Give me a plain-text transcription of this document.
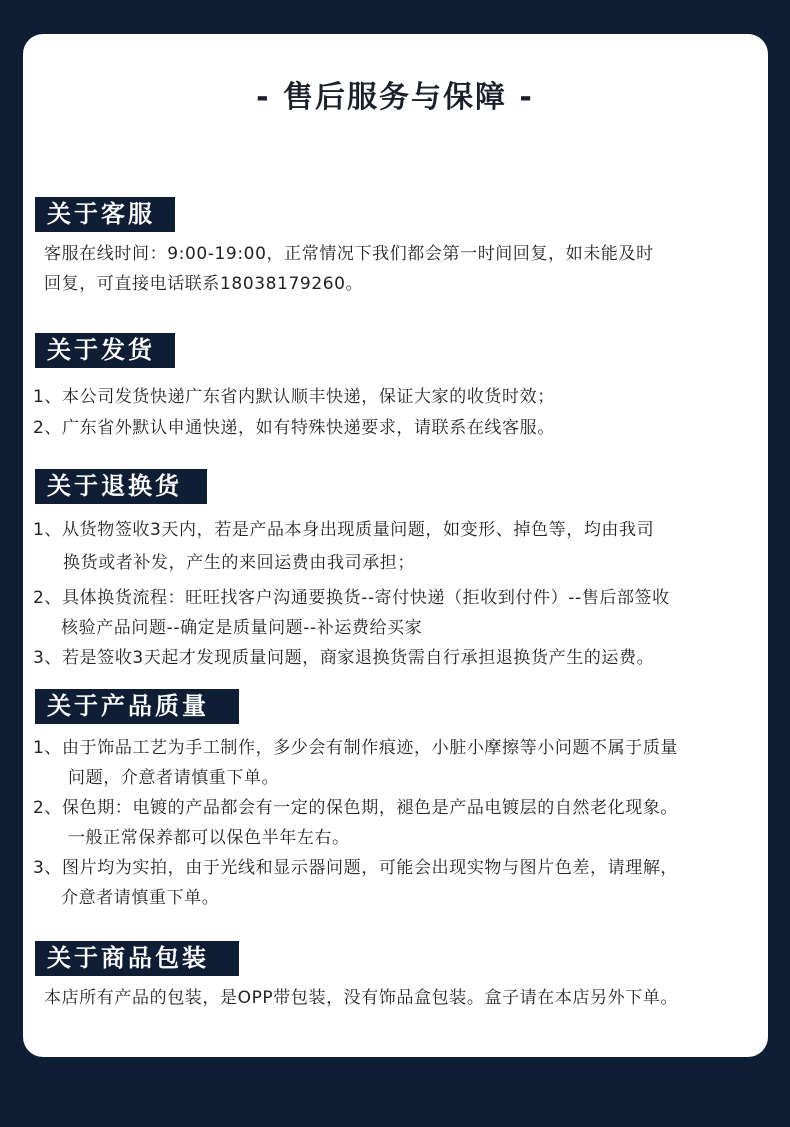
- 售后服务与保障 -
关于客服
客服在线时间：9:00-19:00，正常情况下我们都会第一时间回复，如未能及时
回复，可直接电话联系18038179260。
关于发货
1、本公司发货快递广东省内默认顺丰快递，保证大家的收货时效；
2、广东省外默认申通快递，如有特殊快递要求，请联系在线客服。
关于退换货
1、从货物签收3天内，若是产品本身出现质量问题，如变形、掉色等，均由我司
换货或者补发，产生的来回运费由我司承担；
2、具体换货流程：旺旺找客户沟通要换货--寄付快递（拒收到付件）--售后部签收
核验产品问题--确定是质量问题--补运费给买家
3、若是签收3天起才发现质量问题，商家退换货需自行承担退换货产生的运费。
关于产品质量
1、由于饰品工艺为手工制作，多少会有制作痕迹，小脏小摩擦等小问题不属于质量
问题，介意者请慎重下单。
2、保色期：电镀的产品都会有一定的保色期，褪色是产品电镀层的自然老化现象。
一般正常保养都可以保色半年左右。
3、图片均为实拍，由于光线和显示器问题，可能会出现实物与图片色差，请理解，
介意者请慎重下单。
关于商品包装
本店所有产品的包装，是OPP带包装，没有饰品盒包装。盒子请在本店另外下单。
